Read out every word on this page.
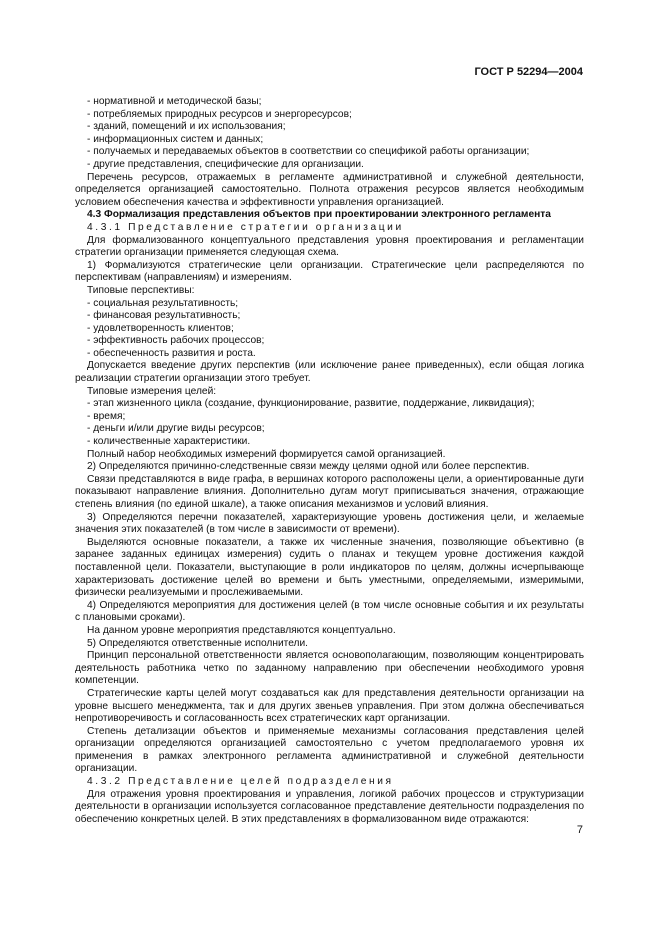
ГОСТ Р 52294—2004

- нормативной и методической базы;

- потребляемых природных ресурсов и энергоресурсов;

- зданий, помещений и их использования;

- информационных систем и данных;

- получаемых и передаваемых объектов в соответствии со спецификой работы организации;

- другие представления, специфические для организации.

Перечень ресурсов, отражаемых в регламенте административной и служебной деятельности, определяется организацией самостоятельно. Полнота отражения ресурсов является необходимым условием обеспечения качества и эффективности управления организацией.

4.3 Формализация представления объектов при проектировании электронного регламента

4.3.1 Представление стратегии организации

Для формализованного концептуального представления уровня проектирования и регламентации стратегии организации применяется следующая схема.

1) Формализуются стратегические цели организации. Стратегические цели распределяются по перспективам (направлениям) и измерениям.

Типовые перспективы:

- социальная результативность;

- финансовая результативность;

- удовлетворенность клиентов;

- эффективность рабочих процессов;

- обеспеченность развития и роста.

Допускается введение других перспектив (или исключение ранее приведенных), если общая логика реализации стратегии организации этого требует.

Типовые измерения целей:

- этап жизненного цикла (создание, функционирование, развитие, поддержание, ликвидация);

- время;

- деньги и/или другие виды ресурсов;

- количественные характеристики.

Полный набор необходимых измерений формируется самой организацией.

2) Определяются причинно-следственные связи между целями одной или более перспектив.

Связи представляются в виде графа, в вершинах которого расположены цели, а ориентированные дуги показывают направление влияния. Дополнительно дугам могут приписываться значения, отражающие степень влияния (по единой шкале), а также описания механизмов и условий влияния.

3) Определяются перечни показателей, характеризующие уровень достижения цели, и желаемые значения этих показателей (в том числе в зависимости от времени).

Выделяются основные показатели, а также их численные значения, позволяющие объективно (в заранее заданных единицах измерения) судить о планах и текущем уровне достижения каждой поставленной цели. Показатели, выступающие в роли индикаторов по целям, должны исчерпывающе характеризовать достижение целей во времени и быть уместными, определяемыми, измеримыми, физически реализуемыми и прослеживаемыми.

4) Определяются мероприятия для достижения целей (в том числе основные события и их результаты с плановыми сроками).

На данном уровне мероприятия представляются концептуально.

5) Определяются ответственные исполнители.

Принцип персональной ответственности является основополагающим, позволяющим концентрировать деятельность работника четко по заданному направлению при обеспечении необходимого уровня компетенции.

Стратегические карты целей могут создаваться как для представления деятельности организации на уровне высшего менеджмента, так и для других звеньев управления. При этом должна обеспечиваться непротиворечивость и согласованность всех стратегических карт организации.

Степень детализации объектов и применяемые механизмы согласования представления целей организации определяются организацией самостоятельно с учетом предполагаемого уровня их применения в рамках электронного регламента административной и служебной деятельности организации.

4.3.2 Представление целей подразделения

Для отражения уровня проектирования и управления, логикой рабочих процессов и структуризации деятельности в организации используется согласованное представление деятельности подразделения по обеспечению конкретных целей. В этих представлениях в формализованном виде отражаются:

7
